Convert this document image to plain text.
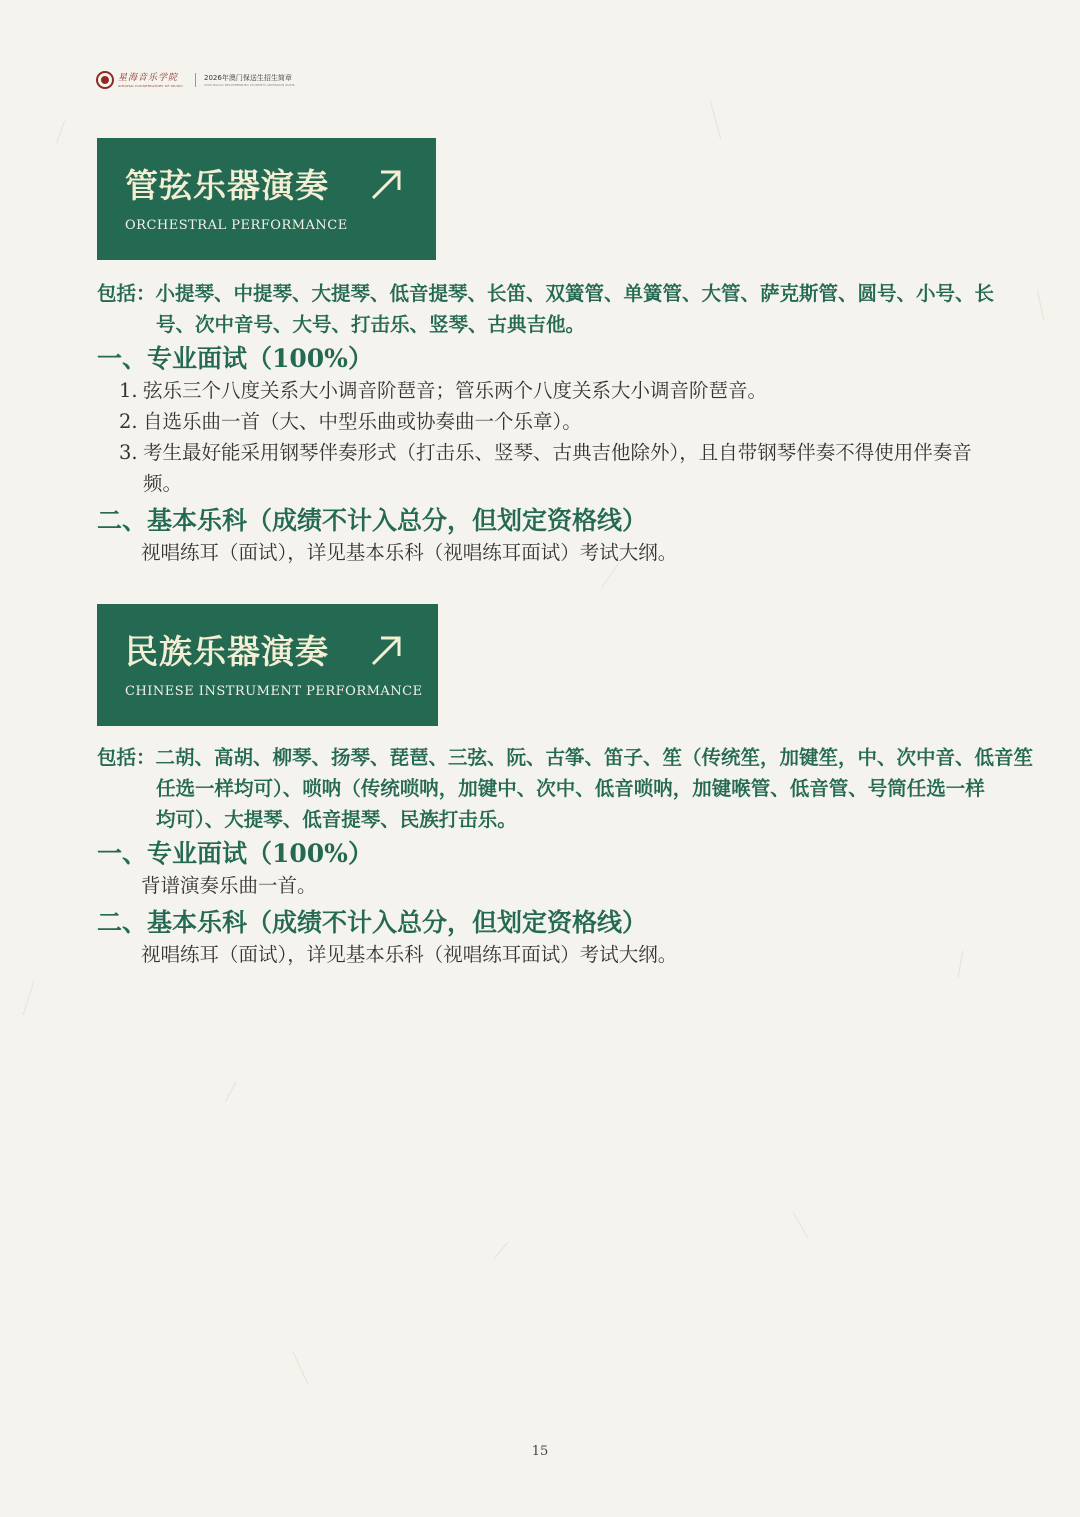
星海音乐学院
XINGHAI CONSERVATORY OF MUSIC
2026年澳门保送生招生简章
2026 MACAO RECOMMENDED STUDENTS ADMISSION GUIDE
管弦乐器演奏
ORCHESTRAL PERFORMANCE
包括：小提琴、中提琴、大提琴、低音提琴、长笛、双簧管、单簧管、大管、萨克斯管、圆号、小号、长
号、次中音号、大号、打击乐、竖琴、古典吉他。
一、专业面试（100%）
1. 弦乐三个八度关系大小调音阶琶音；管乐两个八度关系大小调音阶琶音。
2. 自选乐曲一首（大、中型乐曲或协奏曲一个乐章）。
3. 考生最好能采用钢琴伴奏形式（打击乐、竖琴、古典吉他除外），且自带钢琴伴奏不得使用伴奏音频。
二、基本乐科（成绩不计入总分，但划定资格线）
视唱练耳（面试），详见基本乐科（视唱练耳面试）考试大纲。
民族乐器演奏
CHINESE INSTRUMENT PERFORMANCE
包括：二胡、高胡、柳琴、扬琴、琵琶、三弦、阮、古筝、笛子、笙（传统笙，加键笙，中、次中音、低音笙
任选一样均可）、唢呐（传统唢呐，加键中、次中、低音唢呐，加键喉管、低音管、号筒任选一样
均可）、大提琴、低音提琴、民族打击乐。
一、专业面试（100%）
背谱演奏乐曲一首。
二、基本乐科（成绩不计入总分，但划定资格线）
视唱练耳（面试），详见基本乐科（视唱练耳面试）考试大纲。
15
